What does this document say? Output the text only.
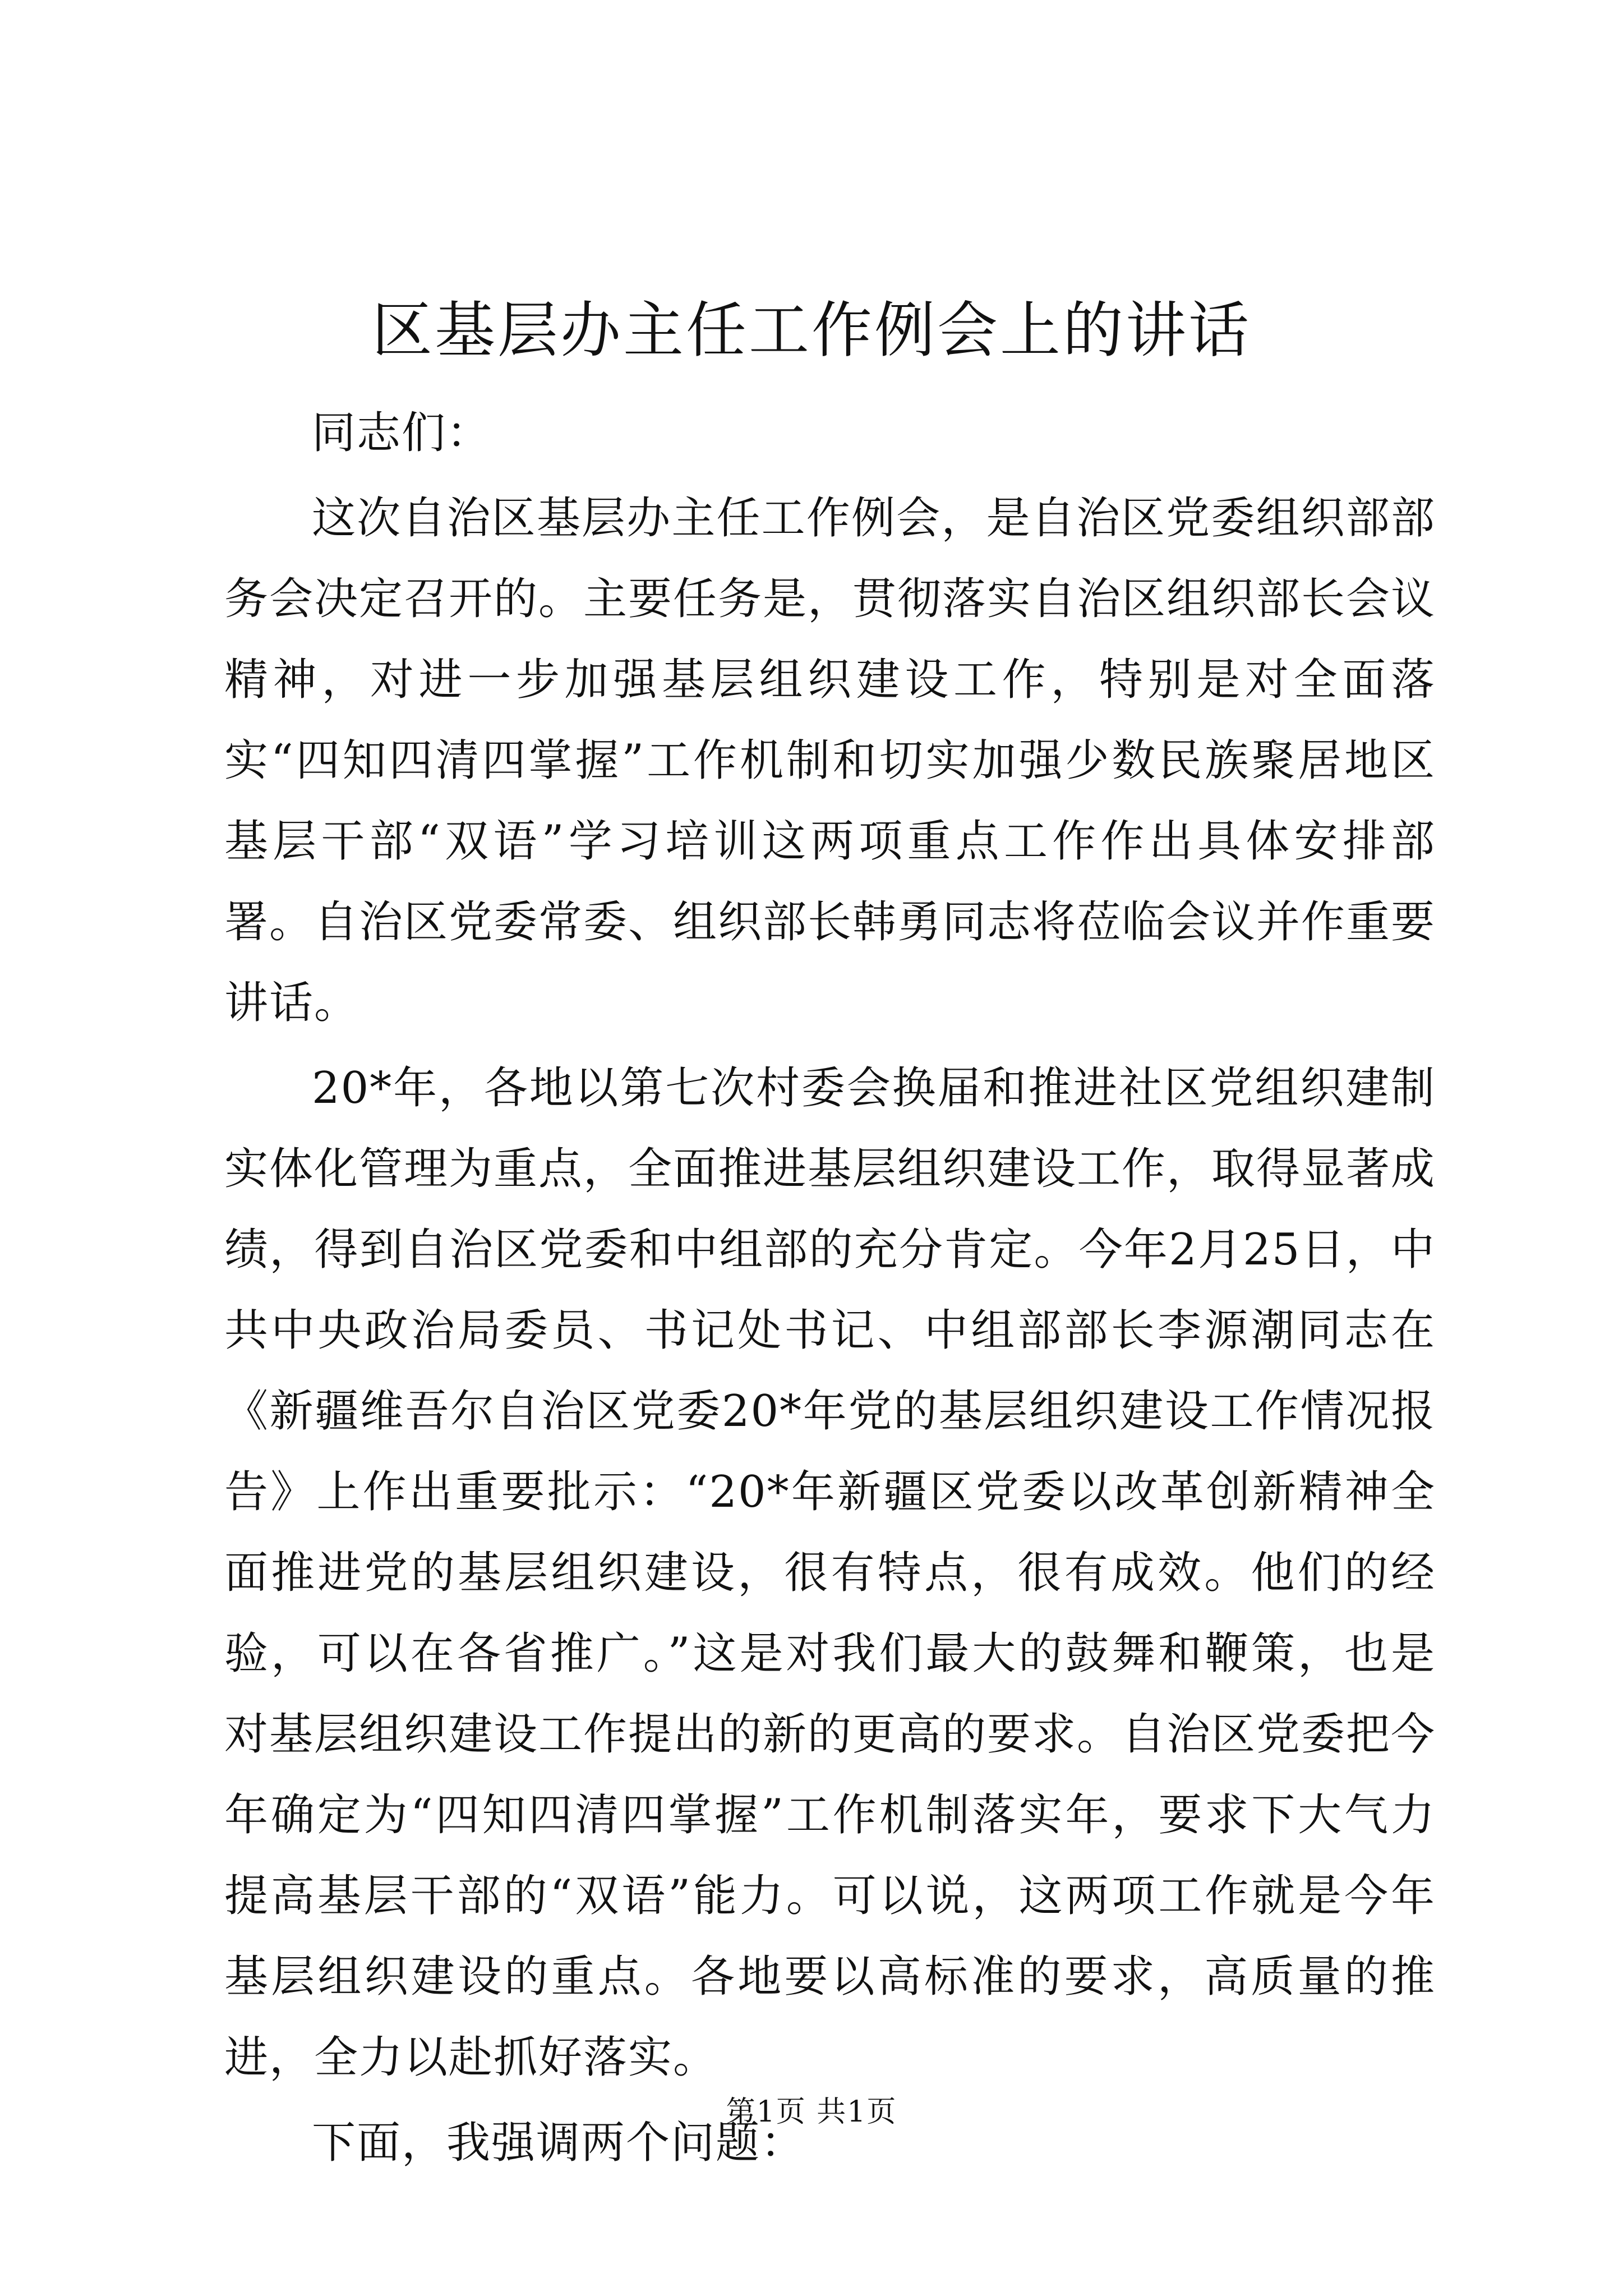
区基层办主任工作例会上的讲话

同志们：

这次自治区基层办主任工作例会，是自治区党委组织部部务会决定召开的。主要任务是，贯彻落实自治区组织部长会议精神，对进一步加强基层组织建设工作，特别是对全面落实“四知四清四掌握”工作机制和切实加强少数民族聚居地区基层干部“双语”学习培训这两项重点工作作出具体安排部署。自治区党委常委、组织部长韩勇同志将莅临会议并作重要讲话。

20*年，各地以第七次村委会换届和推进社区党组织建制实体化管理为重点，全面推进基层组织建设工作，取得显著成绩，得到自治区党委和中组部的充分肯定。今年2月25日，中共中央政治局委员、书记处书记、中组部部长李源潮同志在《新疆维吾尔自治区党委20*年党的基层组织建设工作情况报告》上作出重要批示：“20*年新疆区党委以改革创新精神全面推进党的基层组织建设，很有特点，很有成效。他们的经验，可以在各省推广。”这是对我们最大的鼓舞和鞭策，也是对基层组织建设工作提出的新的更高的要求。自治区党委把今年确定为“四知四清四掌握”工作机制落实年，要求下大气力提高基层干部的“双语”能力。可以说，这两项工作就是今年基层组织建设的重点。各地要以高标准的要求，高质量的推进，全力以赴抓好落实。

下面，我强调两个问题：

第1页 共1页
